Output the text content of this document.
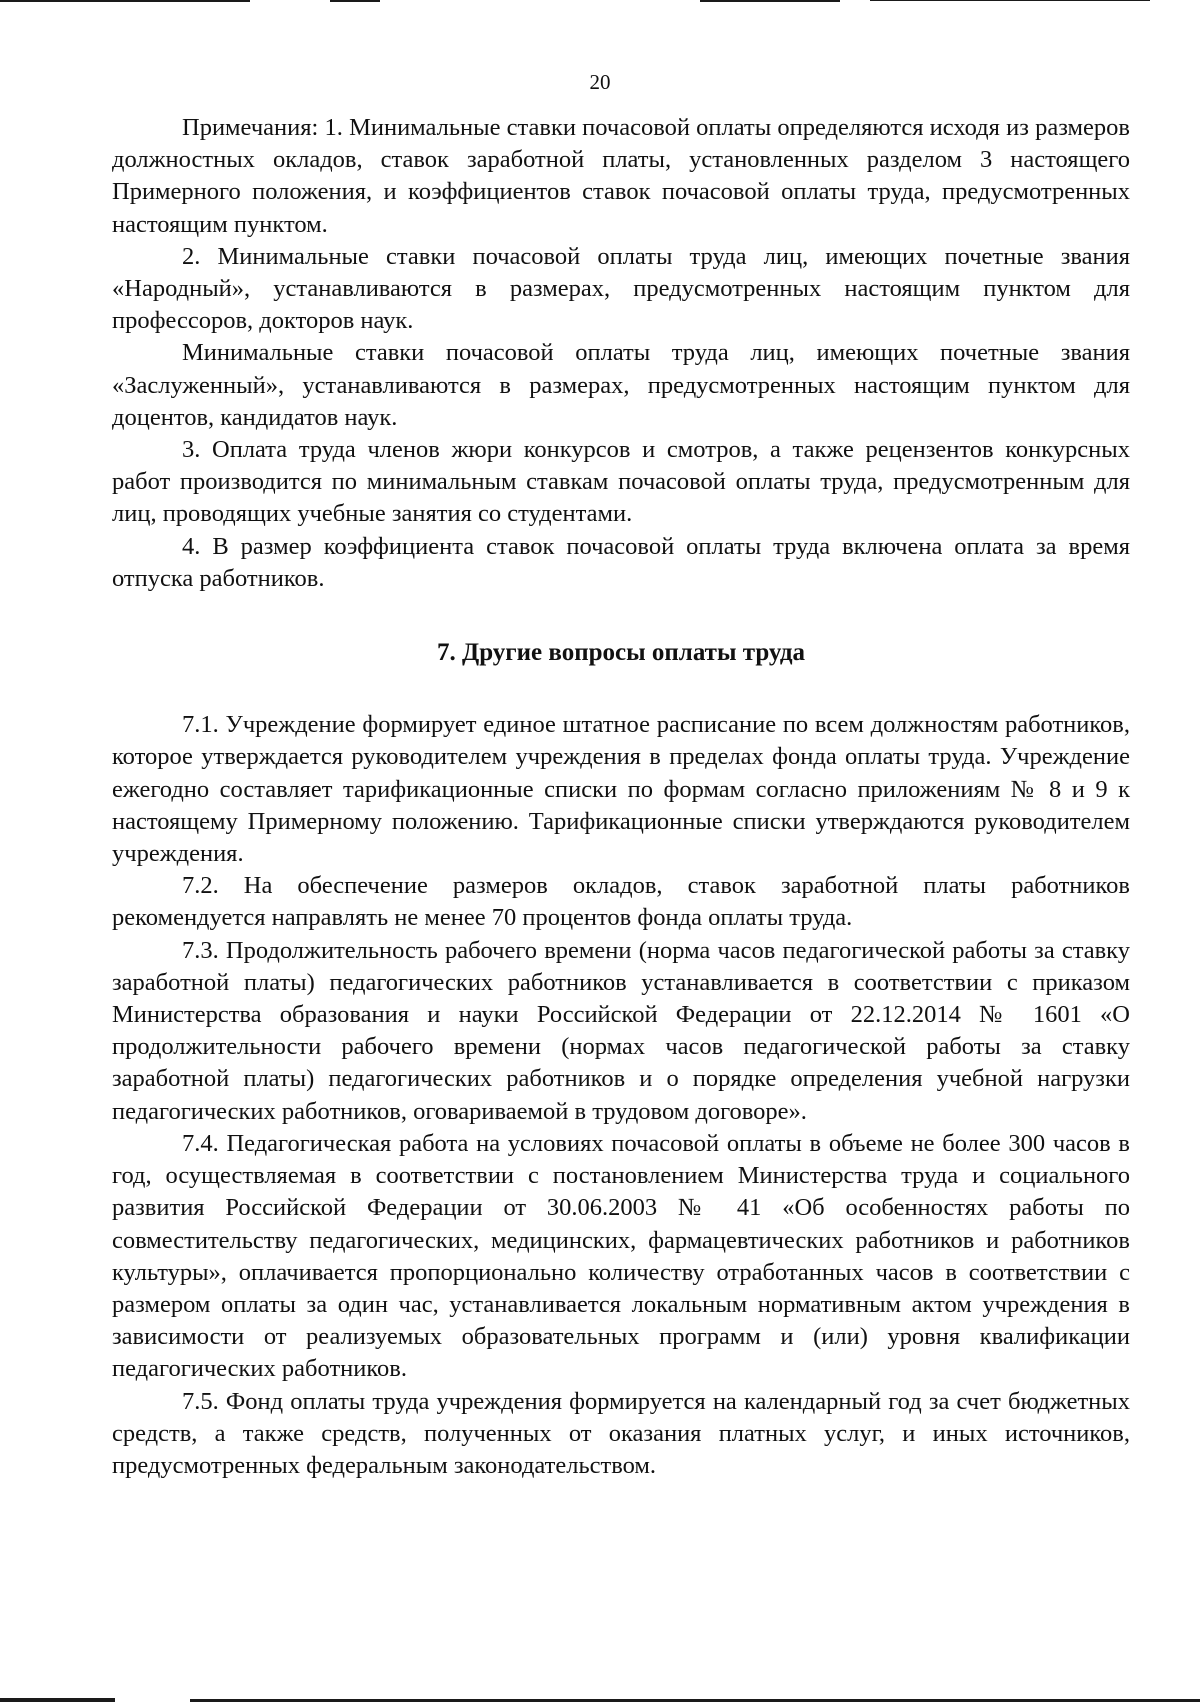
20

Примечания: 1. Минимальные ставки почасовой оплаты определяются исходя из размеров должностных окладов, ставок заработной платы, установленных разделом 3 настоящего Примерного положения, и коэффициентов ставок почасовой оплаты труда, предусмотренных настоящим пунктом.

2. Минимальные ставки почасовой оплаты труда лиц, имеющих почетные звания «Народный», устанавливаются в размерах, предусмотренных настоящим пунктом для профессоров, докторов наук.

Минимальные ставки почасовой оплаты труда лиц, имеющих почетные звания «Заслуженный», устанавливаются в размерах, предусмотренных настоящим пунктом для доцентов, кандидатов наук.

3. Оплата труда членов жюри конкурсов и смотров, а также рецензентов конкурсных работ производится по минимальным ставкам почасовой оплаты труда, предусмотренным для лиц, проводящих учебные занятия со студентами.

4. В размер коэффициента ставок почасовой оплаты труда включена оплата за время отпуска работников.

7. Другие вопросы оплаты труда

7.1. Учреждение формирует единое штатное расписание по всем должностям работников, которое утверждается руководителем учреждения в пределах фонда оплаты труда. Учреждение ежегодно составляет тарификационные списки по формам согласно приложениям № 8 и 9 к настоящему Примерному положению. Тарификационные списки утверждаются руководителем учреждения.

7.2. На обеспечение размеров окладов, ставок заработной платы работников рекомендуется направлять не менее 70 процентов фонда оплаты труда.

7.3. Продолжительность рабочего времени (норма часов педагогической работы за ставку заработной платы) педагогических работников устанавливается в соответствии с приказом Министерства образования и науки Российской Федерации от 22.12.2014 № 1601 «О продолжительности рабочего времени (нормах часов педагогической работы за ставку заработной платы) педагогических работников и о порядке определения учебной нагрузки педагогических работников, оговариваемой в трудовом договоре».

7.4. Педагогическая работа на условиях почасовой оплаты в объеме не более 300 часов в год, осуществляемая в соответствии с постановлением Министерства труда и социального развития Российской Федерации от 30.06.2003 № 41 «Об особенностях работы по совместительству педагогических, медицинских, фармацевтических работников и работников культуры», оплачивается пропорционально количеству отработанных часов в соответствии с размером оплаты за один час, устанавливается локальным нормативным актом учреждения в зависимости от реализуемых образовательных программ и (или) уровня квалификации педагогических работников.

7.5. Фонд оплаты труда учреждения формируется на календарный год за счет бюджетных средств, а также средств, полученных от оказания платных услуг, и иных источников, предусмотренных федеральным законодательством.
